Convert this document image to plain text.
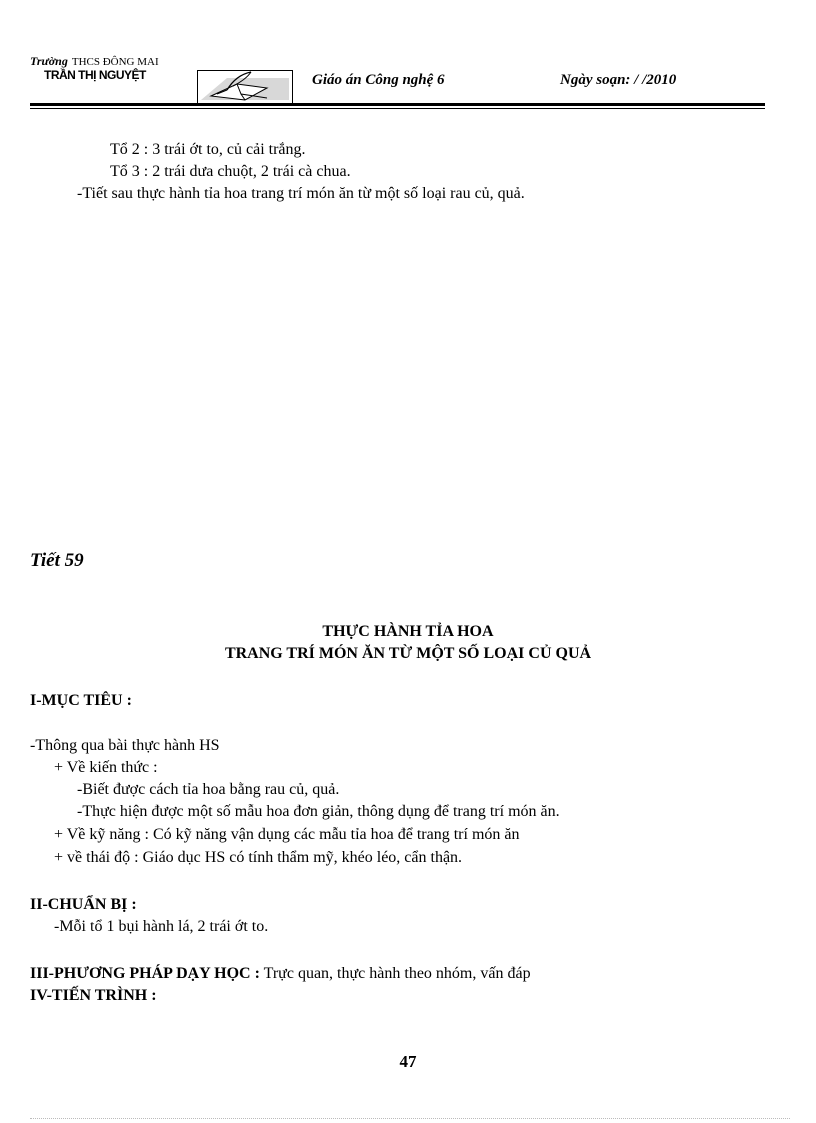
Trường THCS ĐÔNG MAI
TRẦN THỊ NGUYỆT	Giáo án Công nghệ 6	Ngày soạn: / /2010
Tổ 2 : 3 trái ớt to, củ cải trắng.
Tổ 3 : 2 trái dưa chuột, 2 trái cà chua.
-Tiết sau thực hành tỉa hoa trang trí món ăn từ một số loại rau củ, quả.
Tiết 59
THỰC HÀNH TỈA HOA
TRANG TRÍ MÓN ĂN TỪ MỘT SỐ LOẠI CỦ QUẢ
I-MỤC TIÊU :
-Thông qua bài thực hành HS
+ Về kiến thức :
-Biết được cách tỉa hoa bằng rau củ, quả.
-Thực hiện được một số mẫu hoa đơn giản, thông dụng để trang trí món ăn.
+ Về kỹ năng : Có kỹ năng vận dụng các mẫu tỉa hoa để trang trí món ăn
+ về thái độ : Giáo dục HS có tính thẩm mỹ, khéo léo, cẩn thận.
II-CHUẨN BỊ :
-Mỗi tổ 1 bụi hành lá, 2 trái ớt to.
III-PHƯƠNG PHÁP DẠY HỌC : Trực quan, thực hành theo nhóm, vấn đáp
IV-TIẾN TRÌNH :
47
